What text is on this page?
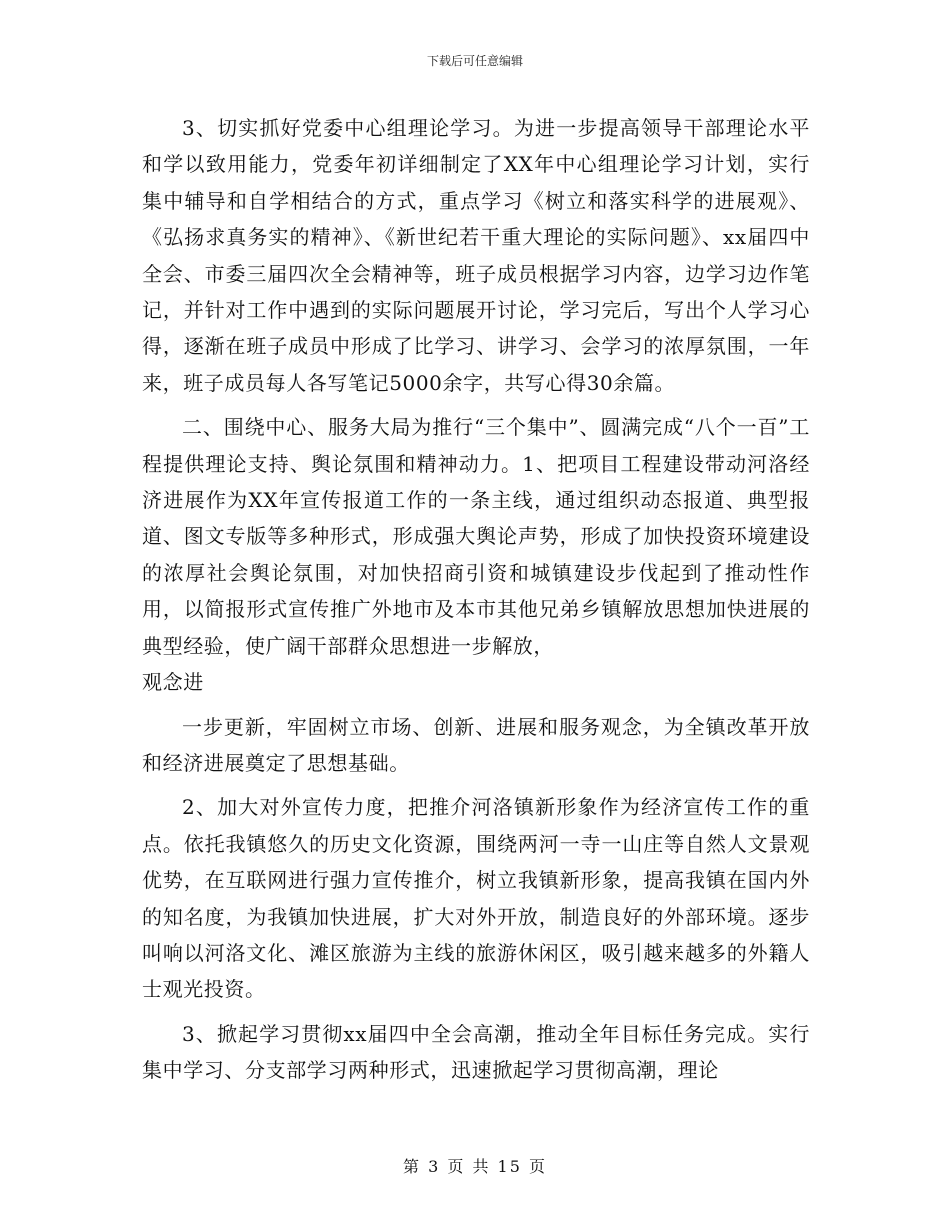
下载后可任意编辑

3、切实抓好党委中心组理论学习。为进一步提高领导干部理论水平和学以致用能力，党委年初详细制定了XX年中心组理论学习计划，实行集中辅导和自学相结合的方式，重点学习《树立和落实科学的进展观》、《弘扬求真务实的精神》、《新世纪若干重大理论的实际问题》、xx届四中全会、市委三届四次全会精神等，班子成员根据学习内容，边学习边作笔记，并针对工作中遇到的实际问题展开讨论，学习完后，写出个人学习心得，逐渐在班子成员中形成了比学习、讲学习、会学习的浓厚氛围，一年来，班子成员每人各写笔记5000余字，共写心得30余篇。

二、围绕中心、服务大局为推行“三个集中”、圆满完成“八个一百”工程提供理论支持、舆论氛围和精神动力。1、把项目工程建设带动河洛经济进展作为XX年宣传报道工作的一条主线，通过组织动态报道、典型报道、图文专版等多种形式，形成强大舆论声势，形成了加快投资环境建设的浓厚社会舆论氛围，对加快招商引资和城镇建设步伐起到了推动性作用，以简报形式宣传推广外地市及本市其他兄弟乡镇解放思想加快进展的典型经验，使广阔干部群众思想进一步解放，

观念进

一步更新，牢固树立市场、创新、进展和服务观念，为全镇改革开放和经济进展奠定了思想基础。

2、加大对外宣传力度，把推介河洛镇新形象作为经济宣传工作的重点。依托我镇悠久的历史文化资源，围绕两河一寺一山庄等自然人文景观优势，在互联网进行强力宣传推介，树立我镇新形象，提高我镇在国内外的知名度，为我镇加快进展，扩大对外开放，制造良好的外部环境。逐步叫响以河洛文化、滩区旅游为主线的旅游休闲区，吸引越来越多的外籍人士观光投资。

3、掀起学习贯彻xx届四中全会高潮，推动全年目标任务完成。实行集中学习、分支部学习两种形式，迅速掀起学习贯彻高潮，理论

第 3 页 共 15 页
